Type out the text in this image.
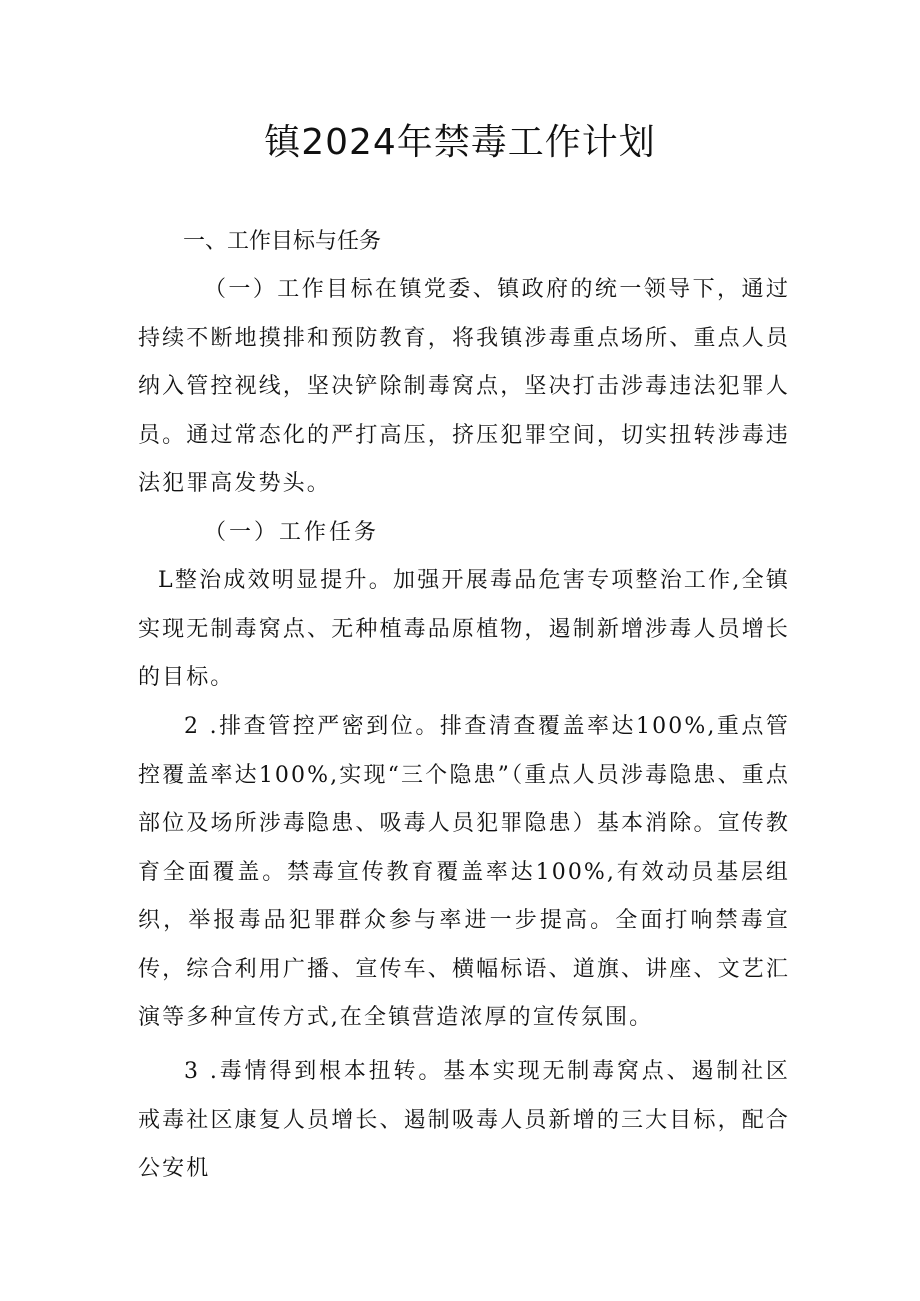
镇2024年禁毒工作计划
一、工作目标与任务

（一）工作目标在镇党委、镇政府的统一领导下，通过持续不断地摸排和预防教育，将我镇涉毒重点场所、重点人员纳入管控视线，坚决铲除制毒窝点，坚决打击涉毒违法犯罪人员。通过常态化的严打高压，挤压犯罪空间，切实扭转涉毒违法犯罪高发势头。

（一）工作任务

L整治成效明显提升。加强开展毒品危害专项整治工作,全镇实现无制毒窝点、无种植毒品原植物，遏制新增涉毒人员增长的目标。

2 .排查管控严密到位。排查清查覆盖率达100%,重点管控覆盖率达100%,实现“三个隐患”（重点人员涉毒隐患、重点部位及场所涉毒隐患、吸毒人员犯罪隐患）基本消除。宣传教育全面覆盖。禁毒宣传教育覆盖率达100%,有效动员基层组织，举报毒品犯罪群众参与率进一步提高。全面打响禁毒宣传，综合利用广播、宣传车、横幅标语、道旗、讲座、文艺汇演等多种宣传方式,在全镇营造浓厚的宣传氛围。

3 .毒情得到根本扭转。基本实现无制毒窝点、遏制社区戒毒社区康复人员增长、遏制吸毒人员新增的三大目标，配合公安机
